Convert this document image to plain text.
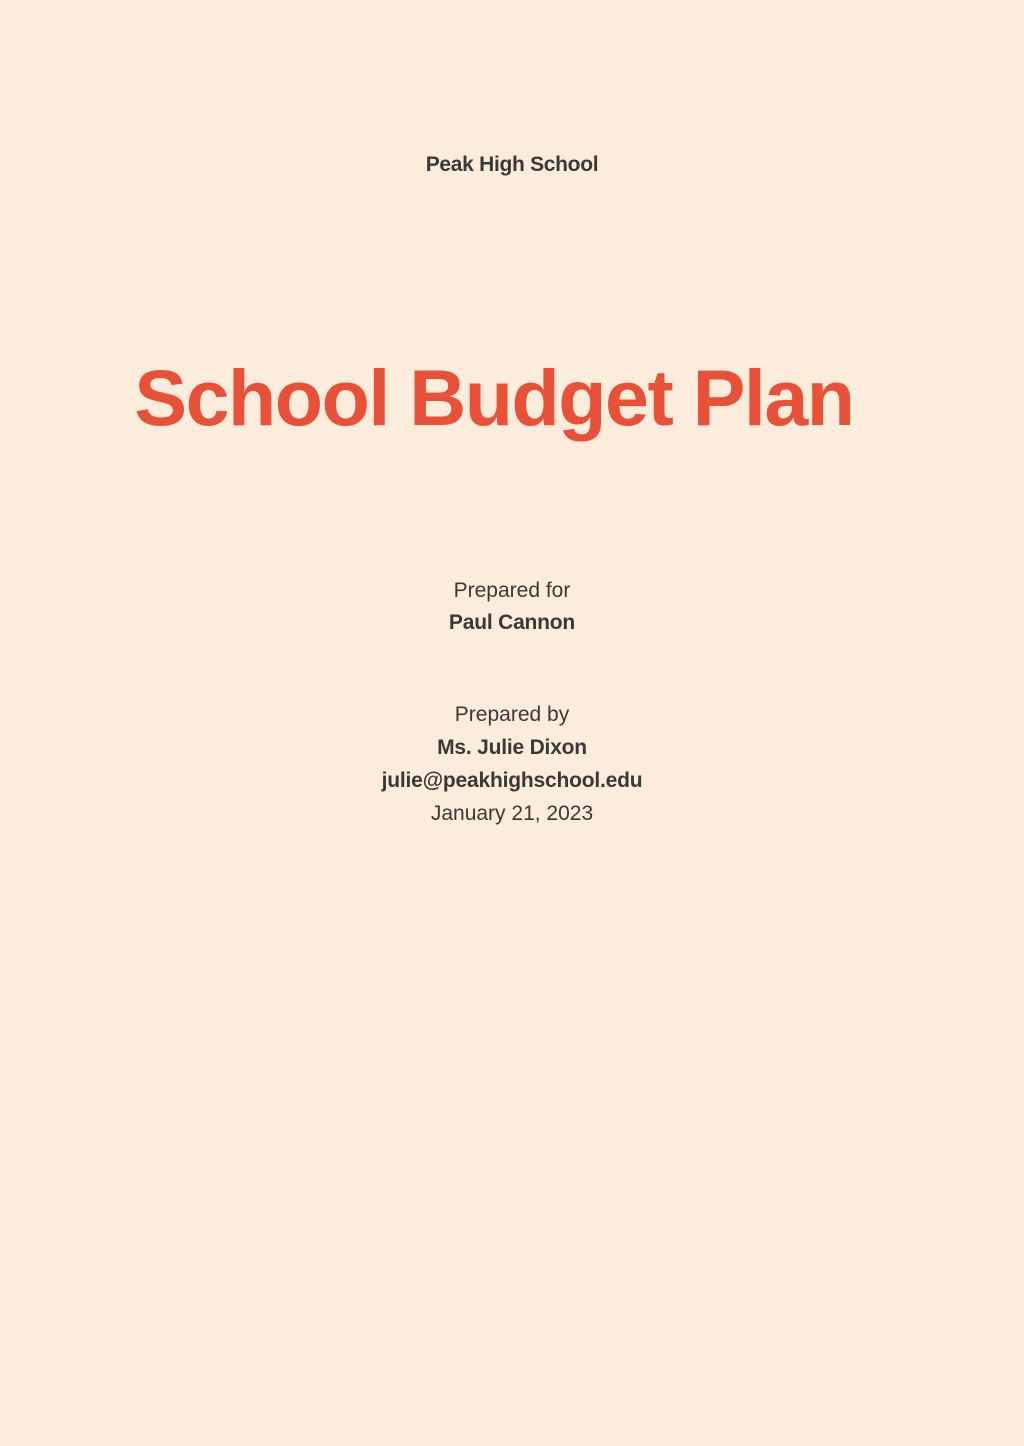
Peak High School
School Budget Plan
Prepared for
Paul Cannon
Prepared by
Ms. Julie Dixon
julie@peakhighschool.edu
January 21, 2023
